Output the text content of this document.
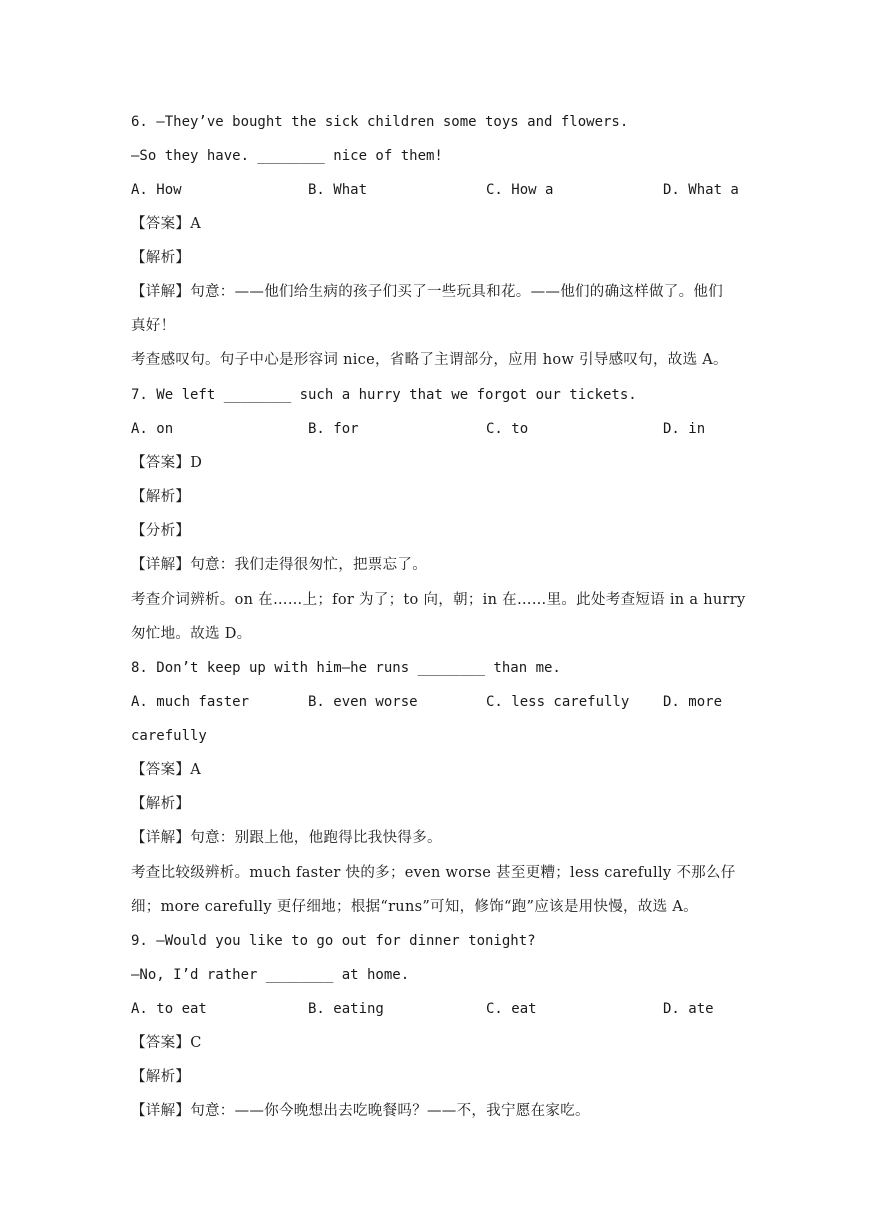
6. —They’ve bought the sick children some toys and flowers.
—So they have. ________ nice of them!
A. How	B. What	C. How a	D. What a
【答案】A
【解析】
【详解】句意：——他们给生病的孩子们买了一些玩具和花。——他们的确这样做了。他们
真好！
考查感叹句。句子中心是形容词 nice，省略了主谓部分，应用 how 引导感叹句，故选 A。
7. We left ________ such a hurry that we forgot our tickets.
A. on	B. for	C. to	D. in
【答案】D
【解析】
【分析】
【详解】句意：我们走得很匆忙，把票忘了。
考查介词辨析。on 在……上；for 为了；to 向，朝；in 在……里。此处考查短语 in a hurry
匆忙地。故选 D。
8. Don’t keep up with him—he runs ________ than me.
A. much faster	B. even worse	C. less carefully D. more
carefully
【答案】A
【解析】
【详解】句意：别跟上他，他跑得比我快得多。
考查比较级辨析。much faster 快的多；even worse 甚至更糟；less carefully 不那么仔
细；more carefully 更仔细地；根据“runs”可知，修饰“跑”应该是用快慢，故选 A。
9. —Would you like to go out for dinner tonight?
—No, I’d rather ________ at home.
A. to eat	B. eating	C. eat	D. ate
【答案】C
【解析】
【详解】句意：——你今晚想出去吃晚餐吗？——不，我宁愿在家吃。
